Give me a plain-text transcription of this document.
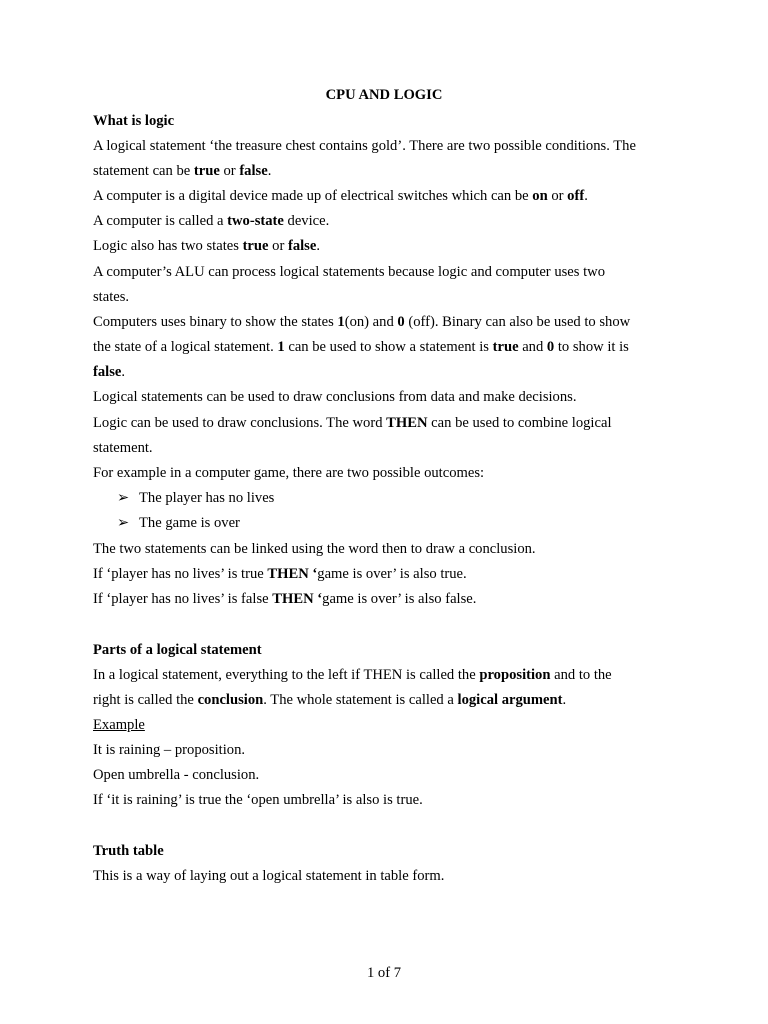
CPU AND LOGIC
What is logic
A logical statement ‘the treasure chest contains gold’. There are two possible conditions. The
statement can be true or false.
A computer is a digital device made up of electrical switches which can be on or off.
A computer is called a two-state device.
Logic also has two states true or false.
A computer’s ALU can process logical statements because logic and computer uses two
states.
Computers uses binary to show the states 1(on) and 0 (off). Binary can also be used to show
the state of a logical statement. 1 can be used to show a statement is true and 0 to show it is
false.
Logical statements can be used to draw conclusions from data and make decisions.
Logic can be used to draw conclusions. The word THEN can be used to combine logical
statement.
For example in a computer game, there are two possible outcomes:
➢ The player has no lives
➢ The game is over
The two statements can be linked using the word then to draw a conclusion.
If ‘player has no lives’ is true THEN ‘game is over’ is also true.
If ‘player has no lives’ is false THEN ‘game is over’ is also false.
Parts of a logical statement
In a logical statement, everything to the left if THEN is called the proposition and to the
right is called the conclusion. The whole statement is called a logical argument.
Example
It is raining – proposition.
Open umbrella - conclusion.
If ‘it is raining’ is true the ‘open umbrella’ is also is true.
Truth table
This is a way of laying out a logical statement in table form.
1 of 7
